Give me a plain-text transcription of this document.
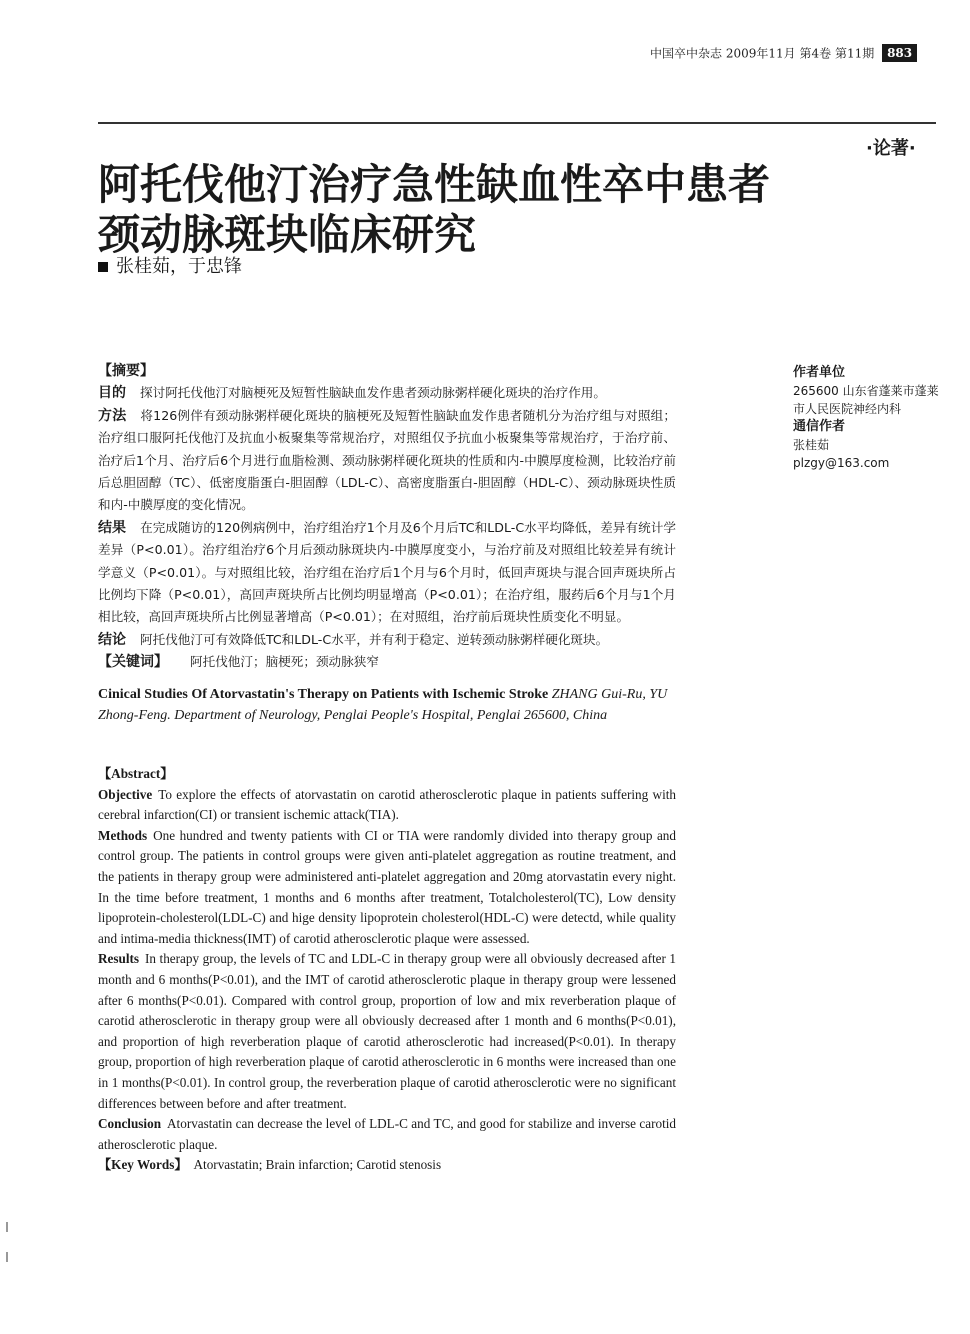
中国卒中杂志 2009年11月 第4卷 第11期 883
·论著·
阿托伐他汀治疗急性缺血性卒中患者
颈动脉斑块临床研究
张桂茹，于忠锋

【摘要】

目的 探讨阿托伐他汀对脑梗死及短暂性脑缺血发作患者颈动脉粥样硬化斑块的治疗作用。

方法 将126例伴有颈动脉粥样硬化斑块的脑梗死及短暂性脑缺血发作患者随机分为治疗组与对照组；治疗组口服阿托伐他汀及抗血小板聚集等常规治疗，对照组仅予抗血小板聚集等常规治疗，于治疗前、治疗后1个月、治疗后6个月进行血脂检测、颈动脉粥样硬化斑块的性质和内-中膜厚度检测，比较治疗前后总胆固醇（TC）、低密度脂蛋白-胆固醇（LDL-C）、高密度脂蛋白-胆固醇（HDL-C）、颈动脉斑块性质和内-中膜厚度的变化情况。

结果 在完成随访的120例病例中，治疗组治疗1个月及6个月后TC和LDL-C水平均降低，差异有统计学差异（P<0.01）。治疗组治疗6个月后颈动脉斑块内-中膜厚度变小，与治疗前及对照组比较差异有统计学意义（P<0.01）。与对照组比较，治疗组在治疗后1个月与6个月时，低回声斑块与混合回声斑块所占比例均下降（P<0.01），高回声斑块所占比例均明显增高（P<0.01）；在治疗组，服药后6个月与1个月相比较，高回声斑块所占比例显著增高（P<0.01）；在对照组，治疗前后斑块性质变化不明显。

结论 阿托伐他汀可有效降低TC和LDL-C水平，并有利于稳定、逆转颈动脉粥样硬化斑块。

【关键词】 阿托伐他汀；脑梗死；颈动脉狭窄

作者单位

265600 山东省蓬莱市蓬莱市人民医院神经内科

通信作者

张桂茹

plzgy@163.com

Cinical Studies Of Atorvastatin's Therapy on Patients with Ischemic Stroke ZHANG Gui-Ru, YU Zhong-Feng. Department of Neurology, Penglai People's Hospital, Penglai 265600, China

【Abstract】

Objective To explore the effects of atorvastatin on carotid atherosclerotic plaque in patients suffering with cerebral infarction(CI) or transient ischemic attack(TIA).

Methods One hundred and twenty patients with CI or TIA were randomly divided into therapy group and control group. The patients in control groups were given anti-platelet aggregation as routine treatment, and the patients in therapy group were administered anti-platelet aggregation and 20mg atorvastatin every night. In the time before treatment, 1 months and 6 months after treatment, Totalcholesterol(TC), Low density lipoprotein-cholesterol(LDL-C) and hige density lipoprotein cholesterol(HDL-C) were detectd, while quality and intima-media thickness(IMT) of carotid atherosclerotic plaque were assessed.

Results In therapy group, the levels of TC and LDL-C in therapy group were all obviously decreased after 1 month and 6 months(P<0.01), and the IMT of carotid atherosclerotic plaque in therapy group were lessened after 6 months(P<0.01). Compared with control group, proportion of low and mix reverberation plaque of carotid atherosclerotic in therapy group were all obviously decreased after 1 month and 6 months(P<0.01), and proportion of high reverberation plaque of carotid atherosclerotic had increased(P<0.01). In therapy group, proportion of high reverberation plaque of carotid atherosclerotic in 6 months were increased than one in 1 months(P<0.01). In control group, the reverberation plaque of carotid atherosclerotic were no significant differences between before and after treatment.

Conclusion Atorvastatin can decrease the level of LDL-C and TC, and good for stabilize and inverse carotid atherosclerotic plaque.

【Key Words】 Atorvastatin; Brain infarction; Carotid stenosis
